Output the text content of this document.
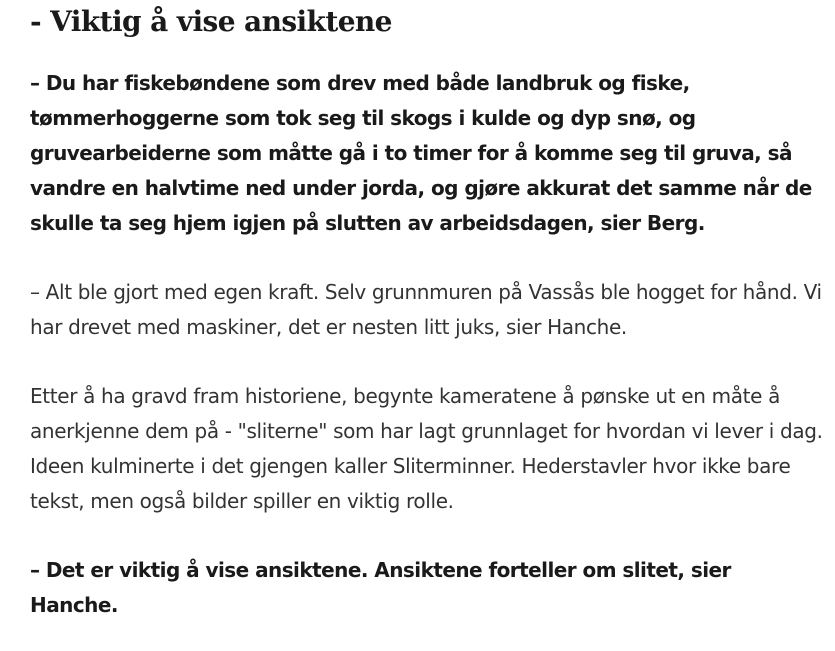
- Viktig å vise ansiktene

– Du har fiskebøndene som drev med både landbruk og fiske, tømmerhoggerne som tok seg til skogs i kulde og dyp snø, og gruvearbeiderne som måtte gå i to timer for å komme seg til gruva, så vandre en halvtime ned under jorda, og gjøre akkurat det samme når de skulle ta seg hjem igjen på slutten av arbeidsdagen, sier Berg.

– Alt ble gjort med egen kraft. Selv grunnmuren på Vassås ble hogget for hånd. Vi har drevet med maskiner, det er nesten litt juks, sier Hanche.

Etter å ha gravd fram historiene, begynte kameratene å pønske ut en måte å anerkjenne dem på - "sliterne" som har lagt grunnlaget for hvordan vi lever i dag. Ideen kulminerte i det gjengen kaller Sliterminner. Hederstavler hvor ikke bare tekst, men også bilder spiller en viktig rolle.

– Det er viktig å vise ansiktene. Ansiktene forteller om slitet, sier Hanche.
